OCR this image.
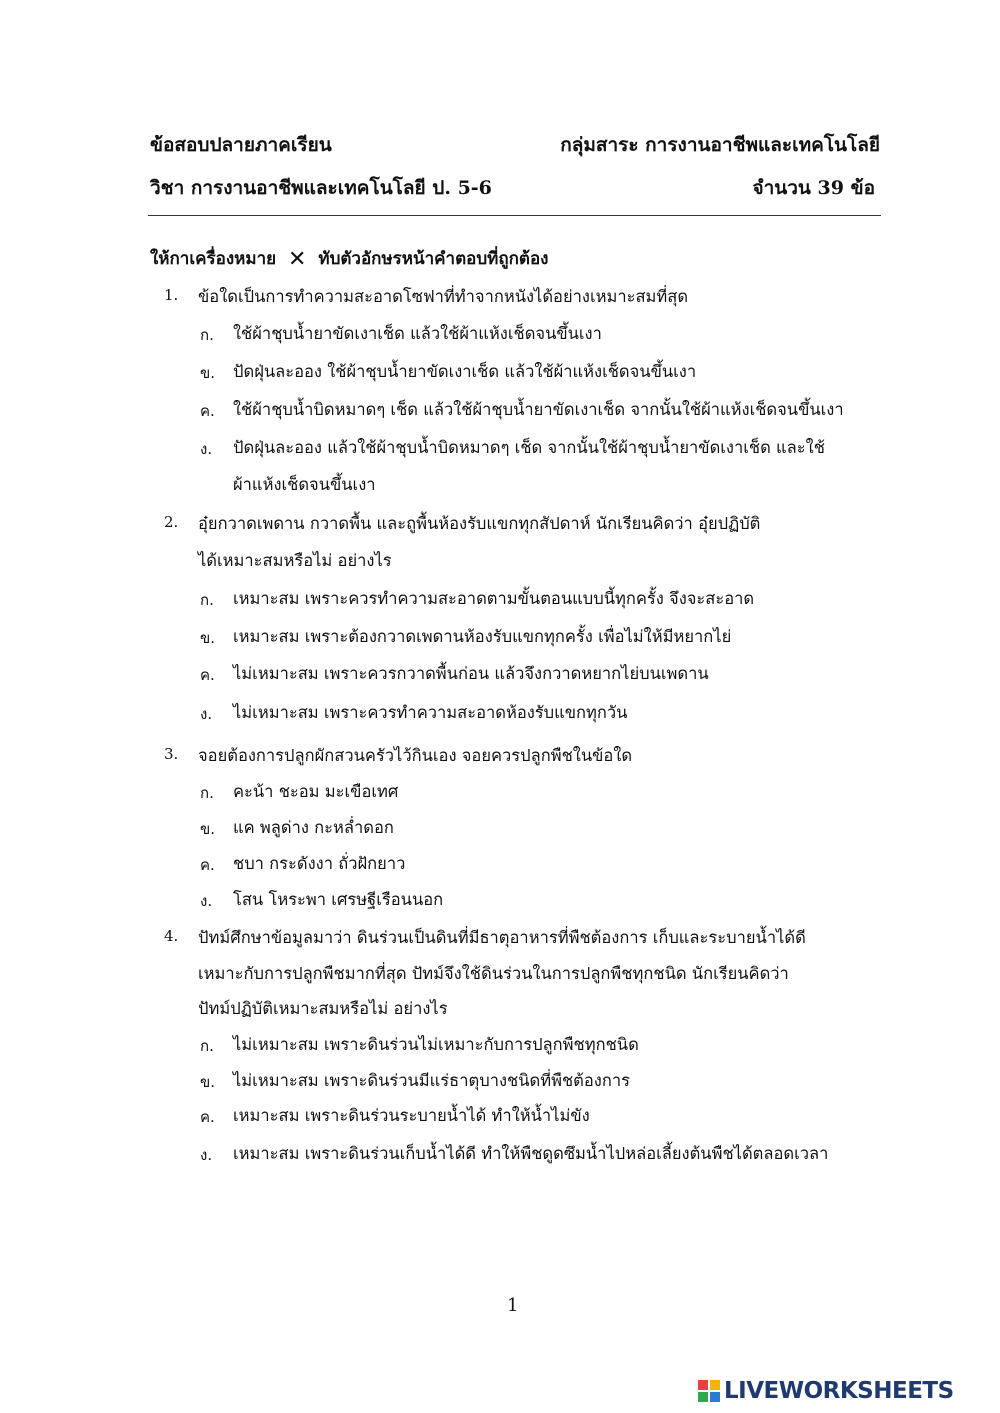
ข้อสอบปลายภาคเรียน	กลุ่มสาระ การงานอาชีพและเทคโนโลยี
วิชา การงานอาชีพและเทคโนโลยี ป. 5-6	จำนวน 39 ข้อ
ให้กาเครื่องหมาย ✕ ทับตัวอักษรหน้าคำตอบที่ถูกต้อง
1. ข้อใดเป็นการทำความสะอาดโซฟาที่ทำจากหนังได้อย่างเหมาะสมที่สุด
ก. ใช้ผ้าชุบน้ำยาขัดเงาเช็ด แล้วใช้ผ้าแห้งเช็ดจนขึ้นเงา
ข. ปัดฝุ่นละออง ใช้ผ้าชุบน้ำยาขัดเงาเช็ด แล้วใช้ผ้าแห้งเช็ดจนขึ้นเงา
ค. ใช้ผ้าชุบน้ำบิดหมาดๆ เช็ด แล้วใช้ผ้าชุบน้ำยาขัดเงาเช็ด จากนั้นใช้ผ้าแห้งเช็ดจนขึ้นเงา
ง. ปัดฝุ่นละออง แล้วใช้ผ้าชุบน้ำบิดหมาดๆ เช็ด จากนั้นใช้ผ้าชุบน้ำยาขัดเงาเช็ด และใช้
ผ้าแห้งเช็ดจนขึ้นเงา
2. อุ๋ยกวาดเพดาน กวาดพื้น และถูพื้นห้องรับแขกทุกสัปดาห์ นักเรียนคิดว่า อุ๋ยปฏิบัติ
ได้เหมาะสมหรือไม่ อย่างไร
ก. เหมาะสม เพราะควรทำความสะอาดตามขั้นตอนแบบนี้ทุกครั้ง จึงจะสะอาด
ข. เหมาะสม เพราะต้องกวาดเพดานห้องรับแขกทุกครั้ง เพื่อไม่ให้มีหยากไย่
ค. ไม่เหมาะสม เพราะควรกวาดพื้นก่อน แล้วจึงกวาดหยากไย่บนเพดาน
ง. ไม่เหมาะสม เพราะควรทำความสะอาดห้องรับแขกทุกวัน
3. จอยต้องการปลูกผักสวนครัวไว้กินเอง จอยควรปลูกพืชในข้อใด
ก. คะน้า ชะอม มะเขือเทศ
ข. แค พลูด่าง กะหล่ำดอก
ค. ชบา กระดังงา ถั่วฝักยาว
ง. โสน โหระพา เศรษฐีเรือนนอก
4. ปัทม์ศึกษาข้อมูลมาว่า ดินร่วนเป็นดินที่มีธาตุอาหารที่พืชต้องการ เก็บและระบายน้ำได้ดี
เหมาะกับการปลูกพืชมากที่สุด ปัทม์จึงใช้ดินร่วนในการปลูกพืชทุกชนิด นักเรียนคิดว่า
ปัทม์ปฏิบัติเหมาะสมหรือไม่ อย่างไร
ก. ไม่เหมาะสม เพราะดินร่วนไม่เหมาะกับการปลูกพืชทุกชนิด
ข. ไม่เหมาะสม เพราะดินร่วนมีแร่ธาตุบางชนิดที่พืชต้องการ
ค. เหมาะสม เพราะดินร่วนระบายน้ำได้ ทำให้น้ำไม่ขัง
ง. เหมาะสม เพราะดินร่วนเก็บน้ำได้ดี ทำให้พืชดูดซึมน้ำไปหล่อเลี้ยงต้นพืชได้ตลอดเวลา
1
LIVEWORKSHEETS
